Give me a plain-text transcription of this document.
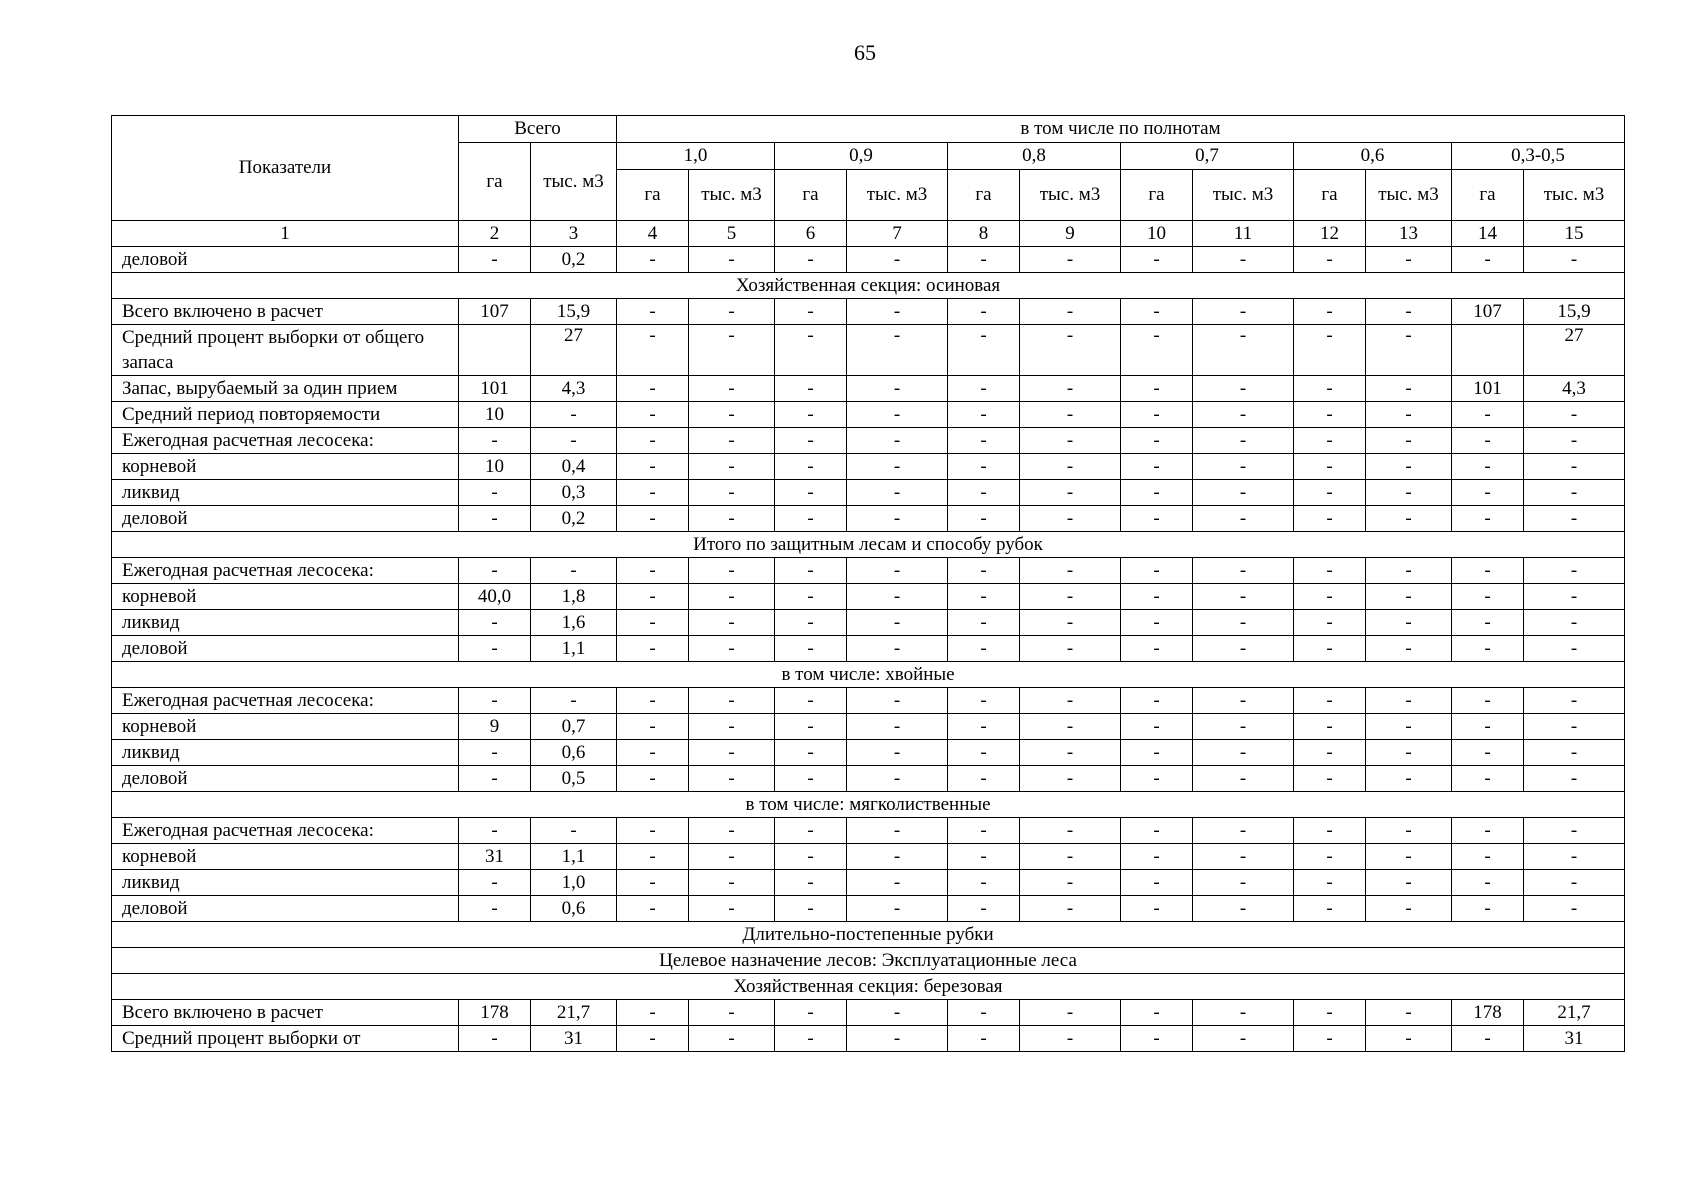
65
Показатели	Всего		в том числе по полнотам											
	га	тыс. м3	1,0		0,9		0,8		0,7		0,6		0,3-0,5	
			га	тыс. м3	га	тыс. м3	га	тыс. м3	га	тыс. м3	га	тыс. м3	га	тыс. м3
1	2	3	4	5	6	7	8	9	10	11	12	13	14	15
деловой	-	0,2	-	-	-	-	-	-	-	-	-	-	-	-
Хозяйственная секция: осиновая														
Всего включено в расчет	107	15,9	-	-	-	-	-	-	-	-	-	-	107	15,9
Средний процент выборки от общего запаса		27	-	-	-	-	-	-	-	-	-	-		27
Запас, вырубаемый за один прием	101	4,3	-	-	-	-	-	-	-	-	-	-	101	4,3
Средний период повторяемости	10	-	-	-	-	-	-	-	-	-	-	-	-	-
Ежегодная расчетная лесосека:	-	-	-	-	-	-	-	-	-	-	-	-	-	-
корневой	10	0,4	-	-	-	-	-	-	-	-	-	-	-	-
ликвид	-	0,3	-	-	-	-	-	-	-	-	-	-	-	-
деловой	-	0,2	-	-	-	-	-	-	-	-	-	-	-	-
Итого по защитным лесам и способу рубок														
Ежегодная расчетная лесосека:	-	-	-	-	-	-	-	-	-	-	-	-	-	-
корневой	40,0	1,8	-	-	-	-	-	-	-	-	-	-	-	-
ликвид	-	1,6	-	-	-	-	-	-	-	-	-	-	-	-
деловой	-	1,1	-	-	-	-	-	-	-	-	-	-	-	-
в том числе: хвойные														
Ежегодная расчетная лесосека:	-	-	-	-	-	-	-	-	-	-	-	-	-	-
корневой	9	0,7	-	-	-	-	-	-	-	-	-	-	-	-
ликвид	-	0,6	-	-	-	-	-	-	-	-	-	-	-	-
деловой	-	0,5	-	-	-	-	-	-	-	-	-	-	-	-
в том числе: мягколиственные														
Ежегодная расчетная лесосека:	-	-	-	-	-	-	-	-	-	-	-	-	-	-
корневой	31	1,1	-	-	-	-	-	-	-	-	-	-	-	-
ликвид	-	1,0	-	-	-	-	-	-	-	-	-	-	-	-
деловой	-	0,6	-	-	-	-	-	-	-	-	-	-	-	-
Длительно-постепенные рубки														
Целевое назначение лесов: Эксплуатационные леса														
Хозяйственная секция: березовая														
Всего включено в расчет	178	21,7	-	-	-	-	-	-	-	-	-	-	178	21,7
Средний процент выборки от	-	31	-	-	-	-	-	-	-	-	-	-	-	31
